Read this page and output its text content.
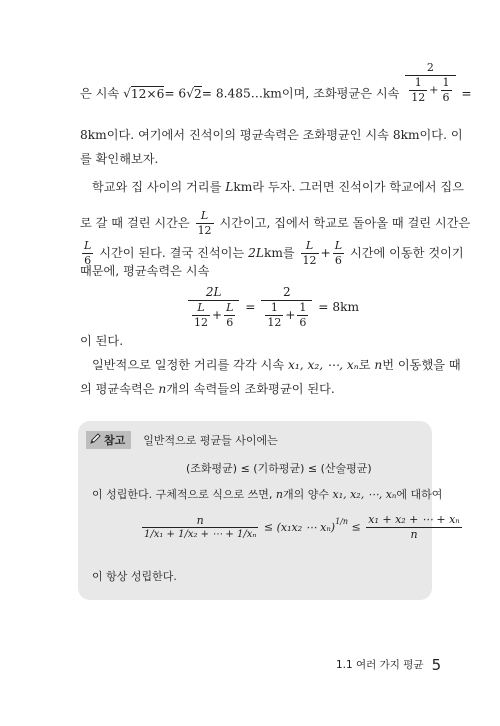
은 시속 √12×6= 6√2= 8.485…km이며, 조화평균은 시속 $\frac{2}{\frac{1}{12} + \frac{1}{6}}$ =
8km이다. 여기에서 진석이의 평균속력은 조화평균인 시속 8km이다. 이
를 확인해보자.
학교와 집 사이의 거리를 Lkm라 두자. 그러면 진석이가 학교에서 집으
로 갈 때 걸린 시간은 $\frac{L}{12}$ 시간이고, 집에서 학교로 돌아올 때 걸린 시간은
$\frac{L}{6}$ 시간이 된다. 결국 진석이는 2Lkm를 $\frac{L}{12} + \frac{L}{6}$ 시간에 이동한 것이기
때문에, 평균속력은 시속
$\frac{2L}{\frac{L}{12} + \frac{L}{6}} = \frac{2}{\frac{1}{12} + \frac{1}{6}} = 8km$
이 된다.
일반적으로 일정한 거리를 각각 시속 x₁, x₂, ⋯, xₙ로 n번 이동했을 때
의 평균속력은 n개의 속력들의 조화평균이 된다.
참고	일반적으로 평균들 사이에는
(조화평균) ≤ (기하평균) ≤ (산술평균)
이 성립한다. 구체적으로 식으로 쓰면, n개의 양수 x₁, x₂, ⋯, xₙ에 대하여
$\frac{n}{\text{1/x₁ + 1/x₂ + ⋯ + 1/xₙ}} \le (x_1x_2$ ⋯ $x_n)^{1/n} \le \frac{\text{x₁ + x₂ + ⋯ + xₙ}}{n}$
이 항상 성립한다.
1.1 여러 가지 평균 5
